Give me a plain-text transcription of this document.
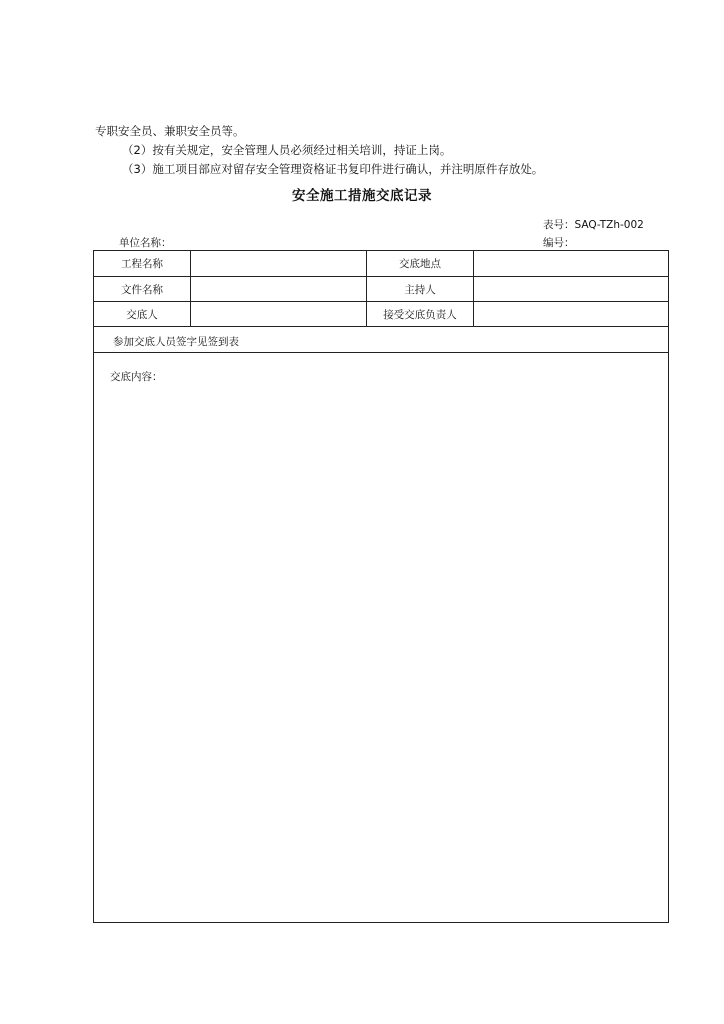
专职安全员、兼职安全员等。
（2）按有关规定，安全管理人员必须经过相关培训，持证上岗。
（3）施工项目部应对留存安全管理资格证书复印件进行确认，并注明原件存放处。
安全施工措施交底记录
表号：SAQ-TZh-002
单位名称：	编号：
工程名称	交底地点
文件名称	主持人
交底人	接受交底负责人
参加交底人员签字见签到表
交底内容：
